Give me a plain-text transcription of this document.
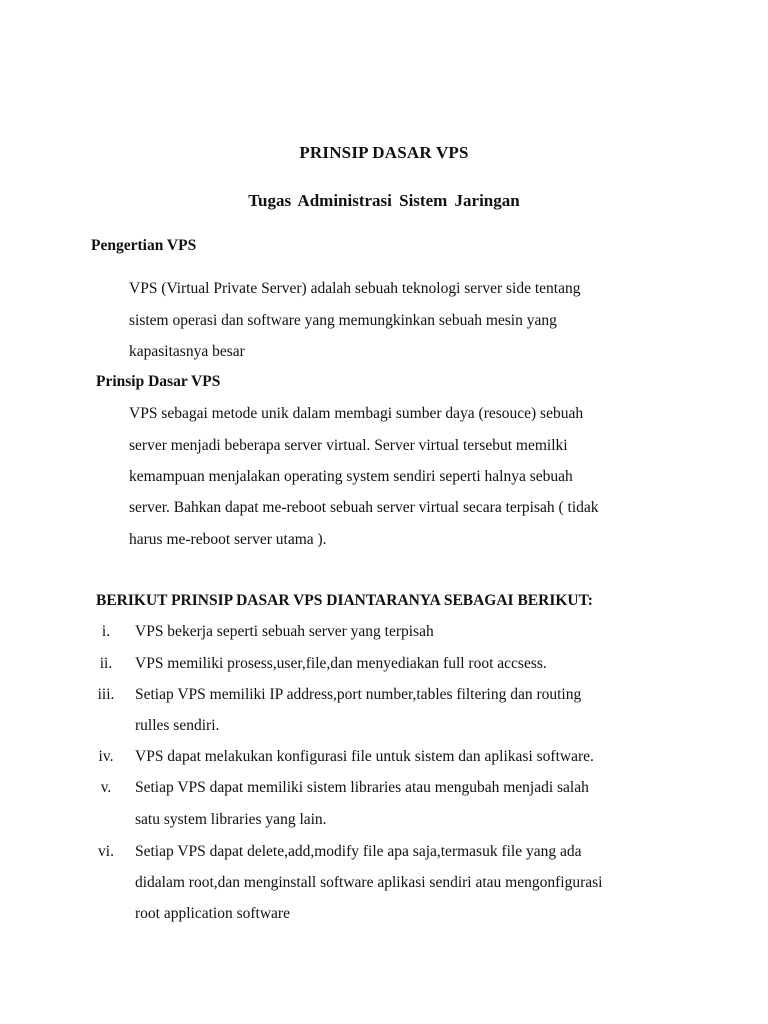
PRINSIP DASAR VPS
Tugas Administrasi Sistem Jaringan
Pengertian VPS
VPS (Virtual Private Server) adalah sebuah teknologi server side tentang
sistem operasi dan software yang memungkinkan sebuah mesin yang
kapasitasnya besar
Prinsip Dasar VPS
VPS sebagai metode unik dalam membagi sumber daya (resouce) sebuah
server menjadi beberapa server virtual. Server virtual tersebut memilki
kemampuan menjalakan operating system sendiri seperti halnya sebuah
server. Bahkan dapat me-reboot sebuah server virtual secara terpisah ( tidak
harus me-reboot server utama ).
BERIKUT PRINSIP DASAR VPS DIANTARANYA SEBAGAI BERIKUT:
i.	VPS bekerja seperti sebuah server yang terpisah
ii.	VPS memiliki prosess,user,file,dan menyediakan full root accsess.
iii.	Setiap VPS memiliki IP address,port number,tables filtering dan routing
rulles sendiri.
iv.	VPS dapat melakukan konfigurasi file untuk sistem dan aplikasi software.
v.	Setiap VPS dapat memiliki sistem libraries atau mengubah menjadi salah
satu system libraries yang lain.
vi.	Setiap VPS dapat delete,add,modify file apa saja,termasuk file yang ada
didalam root,dan menginstall software aplikasi sendiri atau mengonfigurasi
root application software
